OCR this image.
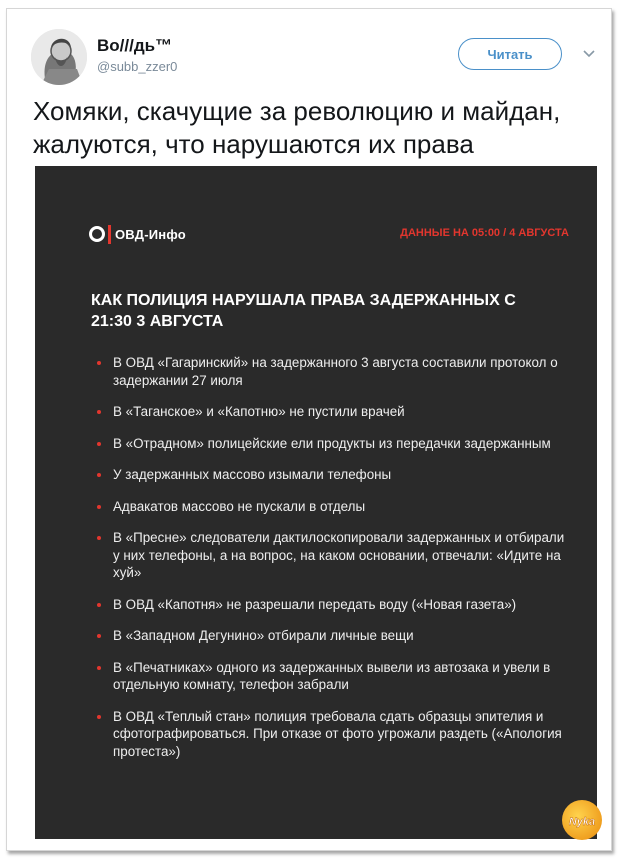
Bo///дь™
@subb_zzer0
Читать
Хомяки, скачущие за революцию и майдан, жалуются, что нарушаются их права
ОВД-Инфо	ДАННЫЕ НА 05:00 / 4 АВГУСТА
КАК ПОЛИЦИЯ НАРУШАЛА ПРАВА ЗАДЕРЖАННЫХ С 21:30 3 АВГУСТА
В ОВД «Гагаринский» на задержанного 3 августа составили протокол о задержании 27 июля
В «Таганское» и «Капотню» не пустили врачей
В «Отрадном» полицейские ели продукты из передачки задержанным
У задержанных массово изымали телефоны
Адвакатов массово не пускали в отделы
В «Пресне» следователи дактилоскопировали задержанных и отбирали у них телефоны, а на вопрос, на каком основании, отвечали: «Идите на хуй»
В ОВД «Капотня» не разрешали передать воду («Новая газета»)
В «Западном Дегунино» отбирали личные вещи
В «Печатниках» одного из задержанных вывели из автозака и увели в отдельную комнату, телефон забрали
В ОВД «Теплый стан» полиция требовала сдать образцы эпителия и сфотографироваться. При отказе от фото угрожали раздеть («Апология протеста»)
Nyka
